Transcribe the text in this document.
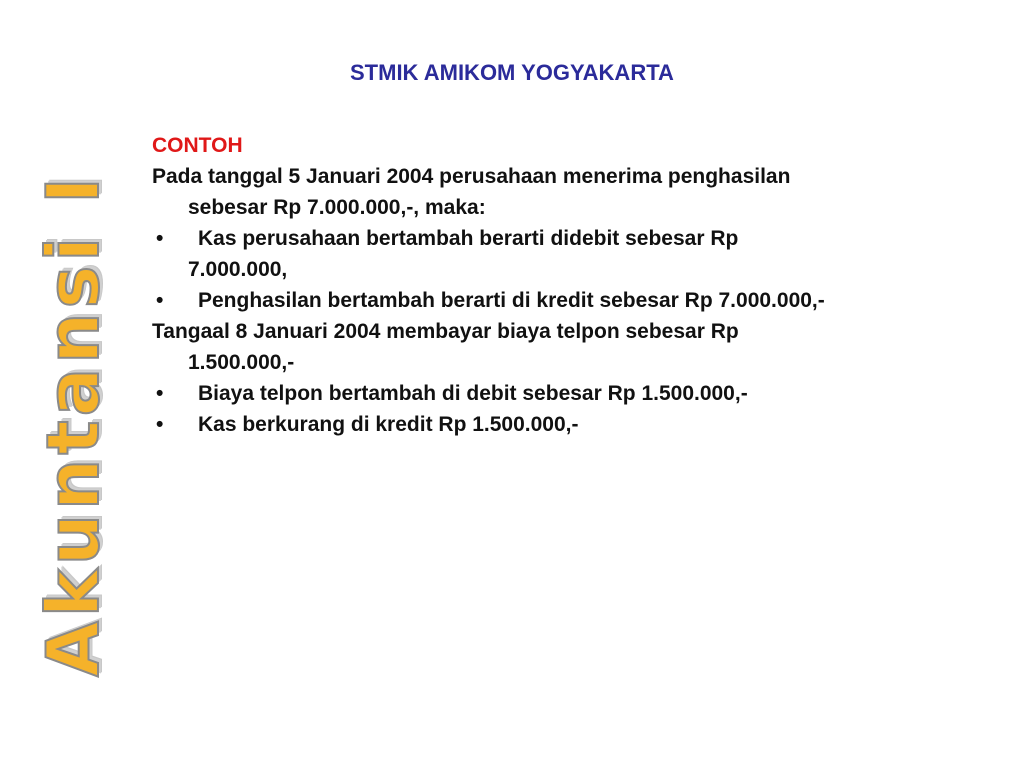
STMIK AMIKOM YOGYAKARTA
Akuntansi I
CONTOH
Pada tanggal 5 Januari 2004 perusahaan menerima penghasilan
sebesar Rp 7.000.000,-, maka:
•	Kas perusahaan bertambah berarti didebit sebesar Rp
7.000.000,
•	Penghasilan bertambah berarti di kredit sebesar Rp 7.000.000,-
Tangaal 8 Januari 2004 membayar biaya telpon sebesar Rp
1.500.000,-
•	Biaya telpon bertambah di debit sebesar Rp 1.500.000,-
•	Kas berkurang di kredit Rp 1.500.000,-
